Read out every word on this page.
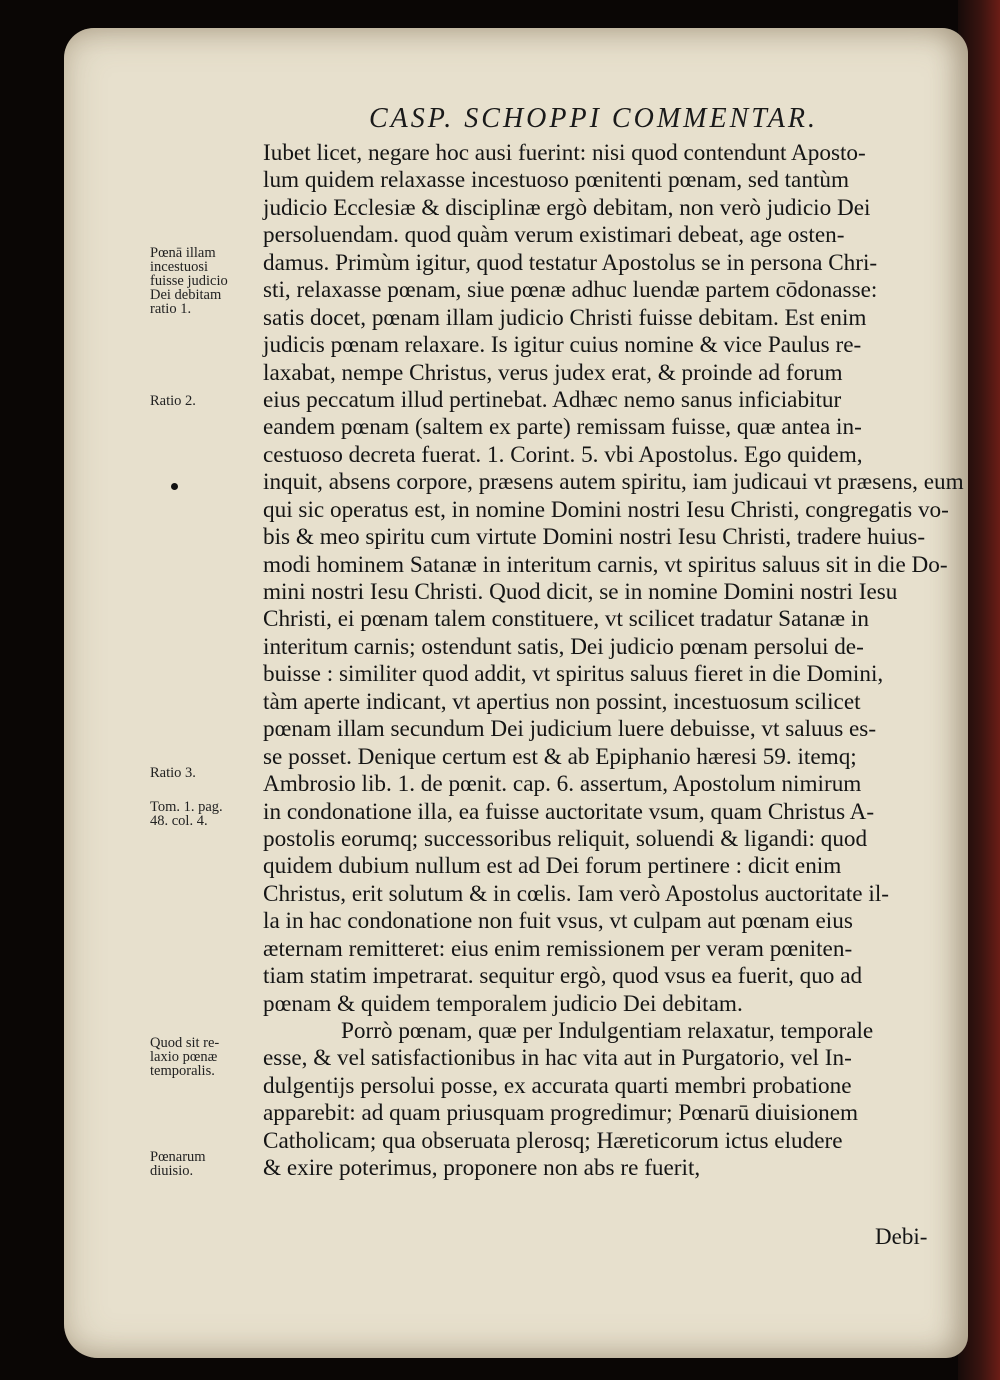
CASP. SCHOPPI COMMENTAR.
Iubet licet, negare hoc ausi fuerint: nisi quod contendunt Aposto-
lum quidem relaxasse incestuoso pœnitenti pœnam, sed tantùm
judicio Ecclesiæ & disciplinæ ergò debitam, non verò judicio Dei
persoluendam. quod quàm verum existimari debeat, age osten-
damus. Primùm igitur, quod testatur Apostolus se in persona Chri-
sti, relaxasse pœnam, siue pœnæ adhuc luendæ partem cōdonasse:
satis docet, pœnam illam judicio Christi fuisse debitam. Est enim
judicis pœnam relaxare. Is igitur cuius nomine & vice Paulus re-
laxabat, nempe Christus, verus judex erat, & proinde ad forum
eius peccatum illud pertinebat. Adhæc nemo sanus inficiabitur
eandem pœnam (saltem ex parte) remissam fuisse, quæ antea in-
cestuoso decreta fuerat. 1. Corint. 5. vbi Apostolus. Ego quidem,
inquit, absens corpore, præsens autem spiritu, iam judicaui vt præsens, eum
qui sic operatus est, in nomine Domini nostri Iesu Christi, congregatis vo-
bis & meo spiritu cum virtute Domini nostri Iesu Christi, tradere huius-
modi hominem Satanæ in interitum carnis, vt spiritus saluus sit in die Do-
mini nostri Iesu Christi. Quod dicit, se in nomine Domini nostri Iesu
Christi, ei pœnam talem constituere, vt scilicet tradatur Satanæ in
interitum carnis; ostendunt satis, Dei judicio pœnam persolui de-
buisse : similiter quod addit, vt spiritus saluus fieret in die Domini,
tàm aperte indicant, vt apertius non possint, incestuosum scilicet
pœnam illam secundum Dei judicium luere debuisse, vt saluus es-
se posset. Denique certum est & ab Epiphanio hæresi 59. itemq;
Ambrosio lib. 1. de pœnit. cap. 6. assertum, Apostolum nimirum
in condonatione illa, ea fuisse auctoritate vsum, quam Christus A-
postolis eorumq; successoribus reliquit, soluendi & ligandi: quod
quidem dubium nullum est ad Dei forum pertinere : dicit enim
Christus, erit solutum & in cœlis. Iam verò Apostolus auctoritate il-
la in hac condonatione non fuit vsus, vt culpam aut pœnam eius
æternam remitteret: eius enim remissionem per veram pœniten-
tiam statim impetrarat. sequitur ergò, quod vsus ea fuerit, quo ad
pœnam & quidem temporalem judicio Dei debitam.
Porrò pœnam, quæ per Indulgentiam relaxatur, temporale
esse, & vel satisfactionibus in hac vita aut in Purgatorio, vel In-
dulgentijs persolui posse, ex accurata quarti membri probatione
apparebit: ad quam priusquam progredimur; Pœnarū diuisionem
Catholicam; qua obseruata plerosq; Hæreticorum ictus eludere
& exire poterimus, proponere non abs re fuerit,
Pœnā illam
incestuosi
fuisse judicio
Dei debitam
ratio 1.
Ratio 2.
Ratio 3.
Tom. 1. pag.
48. col. 4.
Quod sit re-
laxio pœnæ
temporalis.
Pœnarum
diuisio.
Debi-
